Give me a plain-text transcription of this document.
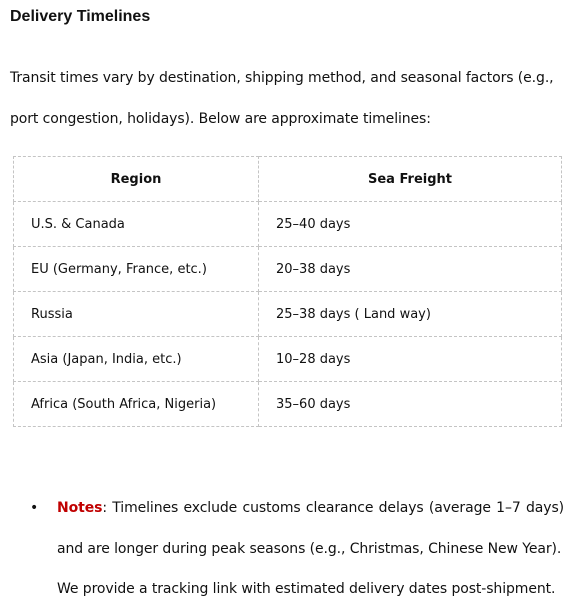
Delivery Timelines
Transit times vary by destination, shipping method, and seasonal factors (e.g.,
port congestion, holidays). Below are approximate timelines:
Region	Sea Freight
U.S. & Canada	25–40 days
EU (Germany, France, etc.)	20–38 days
Russia	25–38 days ( Land way)
Asia (Japan, India, etc.)	10–28 days
Africa (South Africa, Nigeria)	35–60 days
• Notes: Timelines exclude customs clearance delays (average 1–7 days)
and are longer during peak seasons (e.g., Christmas, Chinese New Year).
We provide a tracking link with estimated delivery dates post-shipment.
